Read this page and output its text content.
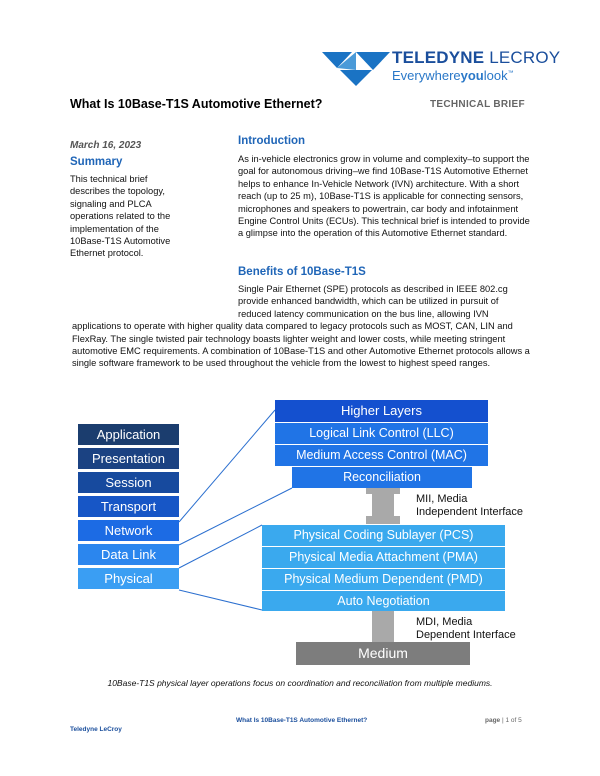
TELEDYNE LECROY
Everywhereyoulook™
What Is 10Base-T1S Automotive Ethernet?	TECHNICAL BRIEF
March 16, 2023
Summary
This technical brief describes the topology, signaling and PLCA operations related to the implementation of the 10Base-T1S Automotive Ethernet protocol.
Introduction
As in-vehicle electronics grow in volume and complexity–to support the goal for autonomous driving–we find 10Base-T1S Automotive Ethernet helps to enhance In-Vehicle Network (IVN) architecture. With a short reach (up to 25 m), 10Base-T1S is applicable for connecting sensors, microphones and speakers to powertrain, car body and infotainment Engine Control Units (ECUs). This technical brief is intended to provide a glimpse into the operation of this Automotive Ethernet standard.
Benefits of 10Base-T1S
Single Pair Ethernet (SPE) protocols as described in IEEE 802.cg provide enhanced bandwidth, which can be utilized in pursuit of reduced latency communication on the bus line, allowing IVN applications to operate with higher quality data compared to legacy protocols such as MOST, CAN, LIN and FlexRay. The single twisted pair technology boasts lighter weight and lower costs, while meeting stringent automotive EMC requirements. A combination of 10Base-T1S and other Automotive Ethernet protocols allows a single software framework to be used throughout the vehicle from the lowest to highest speed ranges.
Application
Presentation
Session
Transport
Network
Data Link
Physical
Higher Layers
Logical Link Control (LLC)
Medium Access Control (MAC)
Reconciliation
MII, Media
Independent Interface
Physical Coding Sublayer (PCS)
Physical Media Attachment (PMA)
Physical Medium Dependent (PMD)
Auto Negotiation
MDI, Media
Dependent Interface
Medium
10Base-T1S physical layer operations focus on coordination and reconciliation from multiple mediums.
What Is 10Base-T1S Automotive Ethernet?
Teledyne LeCroy
page | 1 of 5
